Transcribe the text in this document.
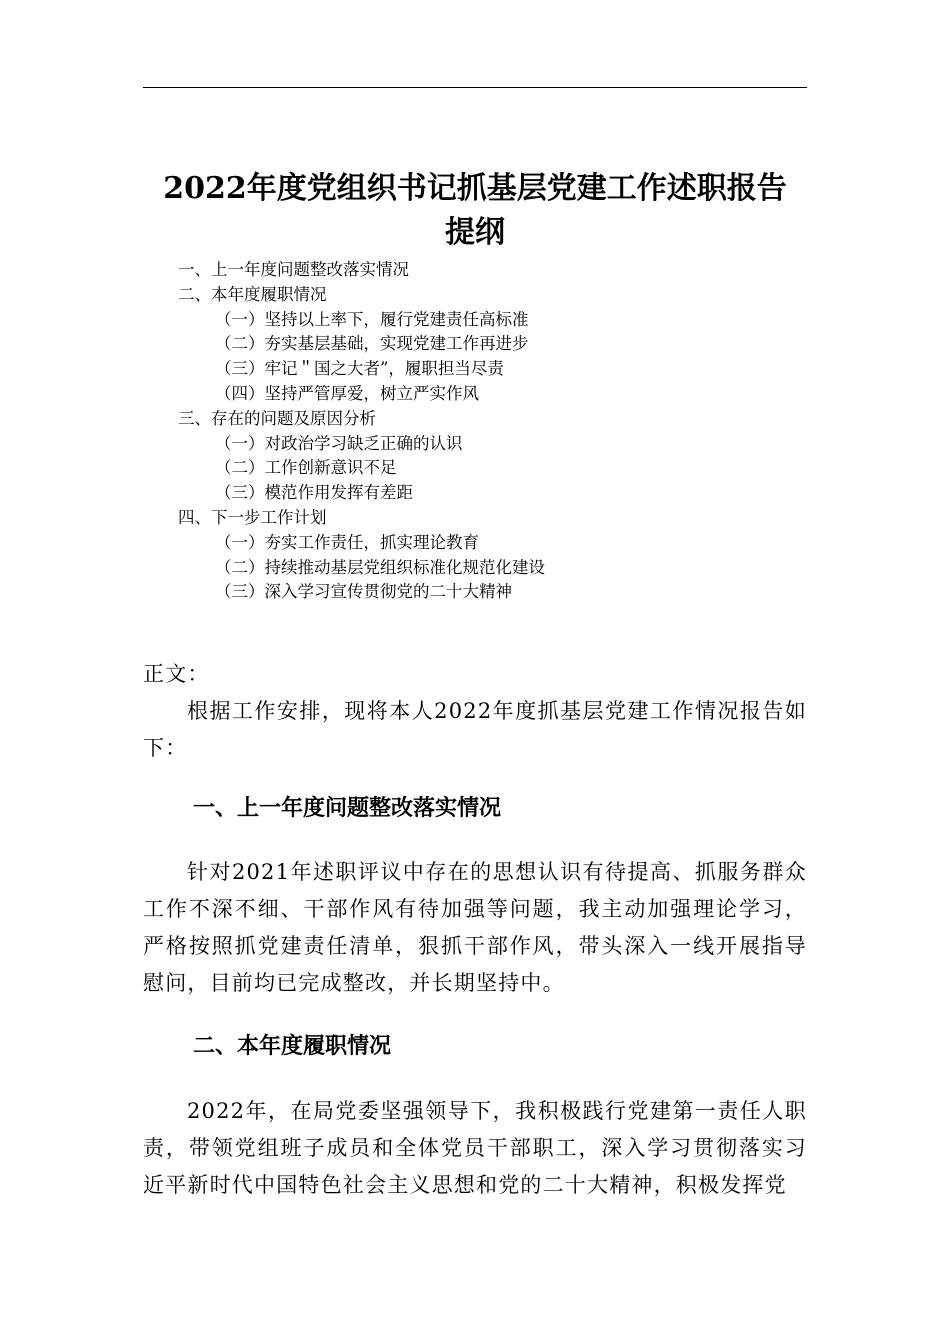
2022年度党组织书记抓基层党建工作述职报告
提纲
一、上一年度问题整改落实情况
二、本年度履职情况
（一）坚持以上率下，履行党建责任高标准
（二）夯实基层基础，实现党建工作再进步
（三）牢记＂国之大者”，履职担当尽责
（四）坚持严管厚爱，树立严实作风
三、存在的问题及原因分析
（一）对政治学习缺乏正确的认识
（二）工作创新意识不足
（三）模范作用发挥有差距
四、下一步工作计划
（一）夯实工作责任，抓实理论教育
（二）持续推动基层党组织标准化规范化建设
（三）深入学习宣传贯彻党的二十大精神

正文：

根据工作安排，现将本人2022年度抓基层党建工作情况报告如下：

一、上一年度问题整改落实情况

针对2021年述职评议中存在的思想认识有待提高、抓服务群众工作不深不细、干部作风有待加强等问题，我主动加强理论学习，严格按照抓党建责任清单，狠抓干部作风，带头深入一线开展指导慰问，目前均已完成整改，并长期坚持中。

二、本年度履职情况

2022年，在局党委坚强领导下，我积极践行党建第一责任人职责，带领党组班子成员和全体党员干部职工，深入学习贯彻落实习近平新时代中国特色社会主义思想和党的二十大精神，积极发挥党
